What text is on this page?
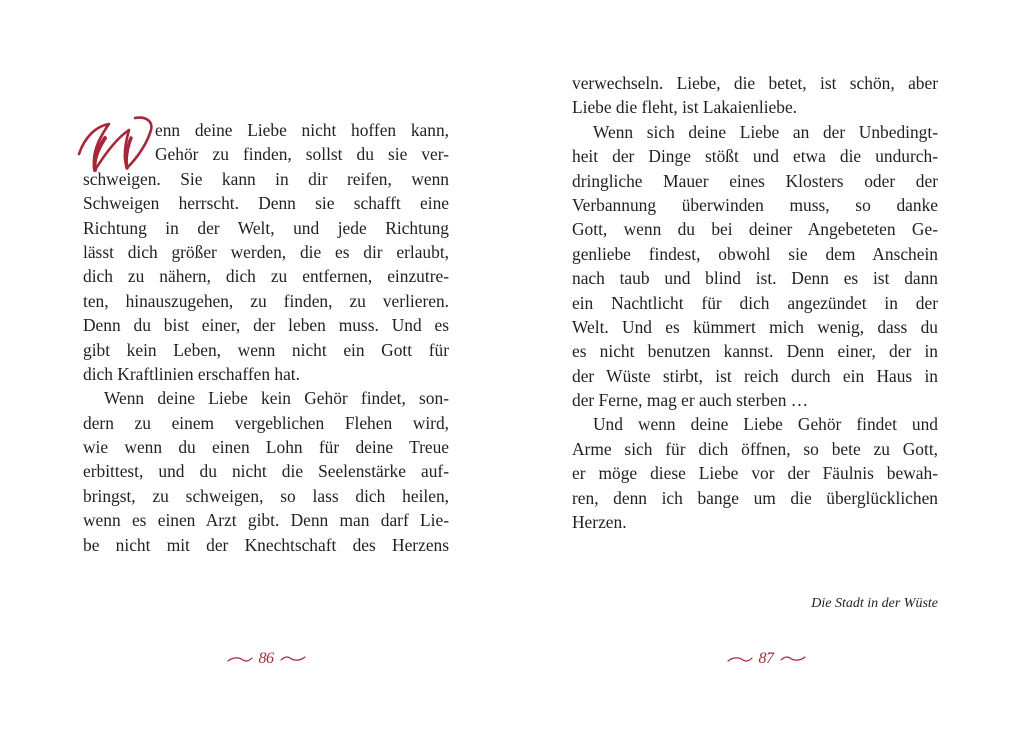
enn deine Liebe nicht hoffen kann,
Gehör zu finden, sollst du sie ver-
schweigen. Sie kann in dir reifen, wenn
Schweigen herrscht. Denn sie schafft eine
Richtung in der Welt, und jede Richtung
lässt dich größer werden, die es dir erlaubt,
dich zu nähern, dich zu entfernen, einzutre-
ten, hinauszugehen, zu finden, zu verlieren.
Denn du bist einer, der leben muss. Und es
gibt kein Leben, wenn nicht ein Gott für
dich Kraftlinien erschaffen hat.
Wenn deine Liebe kein Gehör findet, son-
dern zu einem vergeblichen Flehen wird,
wie wenn du einen Lohn für deine Treue
erbittest, und du nicht die Seelenstärke auf-
bringst, zu schweigen, so lass dich heilen,
wenn es einen Arzt gibt. Denn man darf Lie-
be nicht mit der Knechtschaft des Herzens
86
verwechseln. Liebe, die betet, ist schön, aber
Liebe die fleht, ist Lakaienliebe.
Wenn sich deine Liebe an der Unbedingt-
heit der Dinge stößt und etwa die undurch-
dringliche Mauer eines Klosters oder der
Verbannung überwinden muss, so danke
Gott, wenn du bei deiner Angebeteten Ge-
genliebe findest, obwohl sie dem Anschein
nach taub und blind ist. Denn es ist dann
ein Nachtlicht für dich angezündet in der
Welt. Und es kümmert mich wenig, dass du
es nicht benutzen kannst. Denn einer, der in
der Wüste stirbt, ist reich durch ein Haus in
der Ferne, mag er auch sterben …
Und wenn deine Liebe Gehör findet und
Arme sich für dich öffnen, so bete zu Gott,
er möge diese Liebe vor der Fäulnis bewah-
ren, denn ich bange um die überglücklichen
Herzen.
Die Stadt in der Wüste
87
